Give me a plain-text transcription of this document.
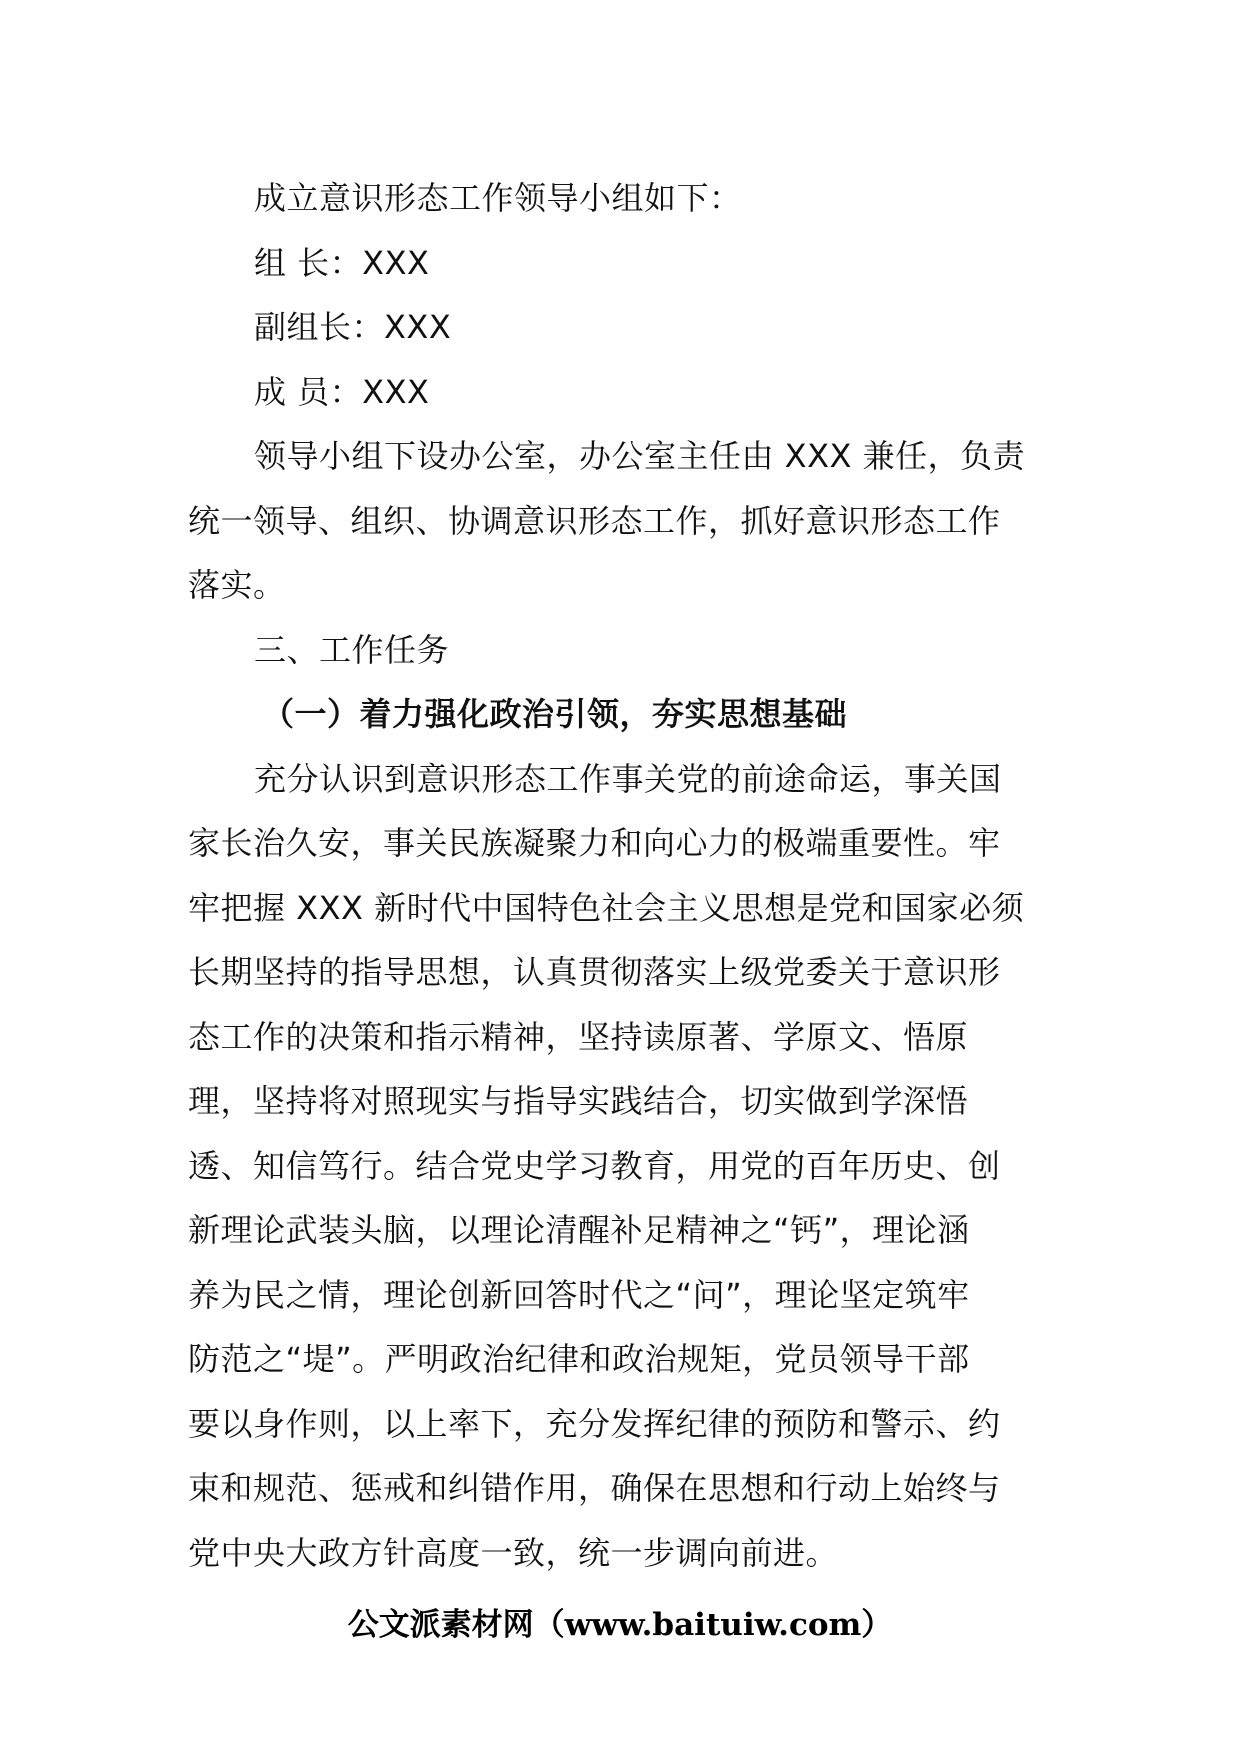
成立意识形态工作领导小组如下：
组 长：XXX
副组长：XXX
成 员：XXX
领导小组下设办公室，办公室主任由 XXX 兼任，负责
统一领导、组织、协调意识形态工作，抓好意识形态工作
落实。
三、工作任务
（一）着力强化政治引领，夯实思想基础
充分认识到意识形态工作事关党的前途命运，事关国
家长治久安，事关民族凝聚力和向心力的极端重要性。牢
牢把握 XXX 新时代中国特色社会主义思想是党和国家必须
长期坚持的指导思想，认真贯彻落实上级党委关于意识形
态工作的决策和指示精神，坚持读原著、学原文、悟原
理，坚持将对照现实与指导实践结合，切实做到学深悟
透、知信笃行。结合党史学习教育，用党的百年历史、创
新理论武装头脑，以理论清醒补足精神之“钙”，理论涵
养为民之情，理论创新回答时代之“问”，理论坚定筑牢
防范之“堤”。严明政治纪律和政治规矩，党员领导干部
要以身作则，以上率下，充分发挥纪律的预防和警示、约
束和规范、惩戒和纠错作用，确保在思想和行动上始终与
党中央大政方针高度一致，统一步调向前进。
公文派素材网（www.baituiw.com）
